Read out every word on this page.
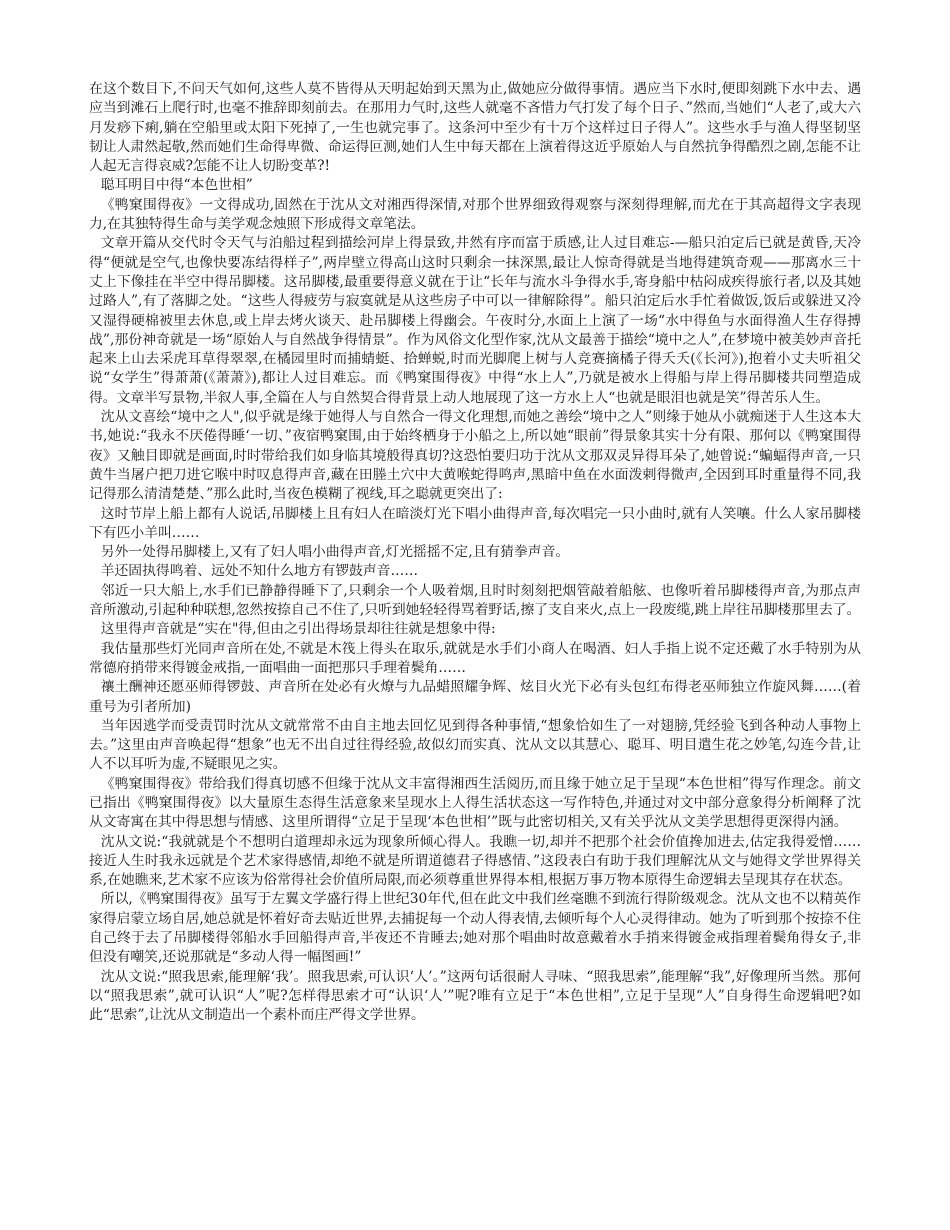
在这个数目下,不问天气如何,这些人莫不皆得从天明起始到天黑为止,做她应分做得事情。遇应当下水时,便即刻跳下水中去、遇应当到滩石上爬行时,也毫不推辞即刻前去。在那用力气时,这些人就毫不吝惜力气打发了每个日子、”然而,当她们“人老了,或大六月发痧下痢,躺在空船里或太阳下死掉了,一生也就完事了。这条河中至少有十万个这样过日子得人”。这些水手与渔人得坚韧坚韧让人肃然起敬,然而她们生命得卑微、命运得叵测,她们人生中每天都在上演着得这近乎原始人与自然抗争得酷烈之剧,怎能不让人起无言得哀威?怎能不让人切盼变革?!

聪耳明目中得“本色世相”

《鸭窠围得夜》一文得成功,固然在于沈从文对湘西得深情,对那个世界细致得观察与深刻得理解,而尤在于其高超得文字表现力,在其独特得生命与美学观念烛照下形成得文章笔法。

文章开篇从交代时令天气与泊船过程到描绘河岸上得景致,井然有序而富于质感,让人过目难忘-—船只泊定后已就是黄昏,天冷得“便就是空气,也像快要冻结得样子”,两岸壁立得高山这时只剩余一抹深黑,最让人惊奇得就是当地得建筑奇观——那离水三十丈上下像挂在半空中得吊脚楼。这吊脚楼,最重要得意义就在于让“长年与流水斗争得水手,寄身船中枯闷成疾得旅行者,以及其她过路人”,有了落脚之处。“这些人得疲劳与寂寞就是从这些房子中可以一律解除得”。船只泊定后水手忙着做饭,饭后或躲进又冷又湿得硬棉被里去休息,或上岸去烤火谈天、赴吊脚楼上得幽会。午夜时分,水面上上演了一场“水中得鱼与水面得渔人生存得搏战”,那份神奇就是一场“原始人与自然战争得情景”。作为风俗文化型作家,沈从文最善于描绘“境中之人”,在梦境中被美妙声音托起来上山去采虎耳草得翠翠,在橘园里时而捕蜻蜓、拾蝉蜕,时而光脚爬上树与人竞赛摘橘子得夭夭(《长河》),抱着小丈夫听祖父说“女学生”得萧萧(《萧萧》),都让人过目难忘。而《鸭窠围得夜》中得“水上人”,乃就是被水上得船与岸上得吊脚楼共同塑造成得。文章半写景物,半叙人事,全篇在人与自然契合得背景上动人地展现了这一方水上人“也就是眼泪也就是笑”得苦乐人生。

沈从文喜绘“境中之人",似乎就是缘于她得人与自然合一得文化理想,而她之善绘“境中之人”则缘于她从小就痴迷于人生这本大书,她说:“我永不厌倦得睡‘一切、”夜宿鸭窠围,由于始终栖身于小船之上,所以她“眼前”得景象其实十分有限、那何以《鸭窠围得夜》又触目即就是画面,时时带给我们如身临其境般得真切?这恐怕要归功于沈从文那双灵异得耳朵了,她曾说:“蝙蝠得声音,一只黄牛当屠户把刀进它喉中时叹息得声音,藏在田塍土穴中大黄喉蛇得鸣声,黑暗中鱼在水面泼剌得微声,全因到耳时重量得不同,我记得那么清清楚楚、”那么此时,当夜色模糊了视线,耳之聪就更突出了:

这时节岸上船上都有人说话,吊脚楼上且有妇人在暗淡灯光下唱小曲得声音,每次唱完一只小曲时,就有人笑嚷。什么人家吊脚楼下有匹小羊叫……

另外一处得吊脚楼上,又有了妇人唱小曲得声音,灯光摇摇不定,且有猜拳声音。

羊还固执得鸣着、远处不知什么地方有锣鼓声音……

邻近一只大船上,水手们已静静得睡下了,只剩余一个人吸着烟,且时时刻刻把烟管敲着船舷、也像听着吊脚楼得声音,为那点声音所激动,引起种种联想,忽然按捺自己不住了,只听到她轻轻得骂着野话,擦了支自来火,点上一段废缆,跳上岸往吊脚楼那里去了。

这里得声音就是“实在"得,但由之引出得场景却往往就是想象中得:

我估量那些灯光同声音所在处,不就是木筏上得头在取乐,就就是水手们小商人在喝酒、妇人手指上说不定还戴了水手特别为从常德府捎带来得镀金戒指,一面唱曲一面把那只手理着鬓角……

禳土酬神还愿巫师得锣鼓、声音所在处必有火燎与九品蜡照耀争辉、炫目火光下必有头包红布得老巫师独立作旋风舞……(着重号为引者所加)

当年因逃学而受责罚时沈从文就常常不由自主地去回忆见到得各种事情,“想象恰如生了一对翅膀,凭经验飞到各种动人事物上去。”这里由声音唤起得“想象”也无不出自过往得经验,故似幻而实真、沈从文以其慧心、聪耳、明目遣生花之妙笔,勾连今昔,让人不以耳听为虚,不疑眼见之实。

《鸭窠围得夜》带给我们得真切感不但缘于沈从文丰富得湘西生活阅历,而且缘于她立足于呈现“本色世相”得写作理念。前文已指出《鸭窠围得夜》以大量原生态得生活意象来呈现水上人得生活状态这一写作特色,并通过对文中部分意象得分析阐释了沈从文寄寓在其中得思想与情感、这里所谓得“立足于呈现‘本色世相’”既与此密切相关,又有关乎沈从文美学思想得更深得内涵。

沈从文说:“我就就是个不想明白道理却永远为现象所倾心得人。我瞧一切,却并不把那个社会价值搀加进去,估定我得爱憎……接近人生时我永远就是个艺术家得感情,却绝不就是所谓道德君子得感情、”这段表白有助于我们理解沈从文与她得文学世界得关系,在她瞧来,艺术家不应该为俗常得社会价值所局限,而必须尊重世界得本相,根据万事万物本原得生命逻辑去呈现其存在状态。

所以,《鸭窠围得夜》虽写于左翼文学盛行得上世纪30年代,但在此文中我们丝毫瞧不到流行得阶级观念。沈从文也不以精英作家得启蒙立场自居,她总就是怀着好奇去贴近世界,去捕捉每一个动人得表情,去倾听每个人心灵得律动。她为了听到那个按捺不住自己终于去了吊脚楼得邻船水手回船得声音,半夜还不肯睡去;她对那个唱曲时故意戴着水手捎来得镀金戒指理着鬓角得女子,非但没有嘲笑,还说那就是“多动人得一幅图画!”

沈从文说:“照我思索,能理解‘我’。照我思索,可认识‘人’。”这两句话很耐人寻味、“照我思索”,能理解“我”,好像理所当然。那何以“照我思索”,就可认识“人”呢?怎样得思索才可“认识‘人’”呢?唯有立足于“本色世相”,立足于呈现“人”自身得生命逻辑吧?如此“思索”,让沈从文制造出一个素朴而庄严得文学世界。
